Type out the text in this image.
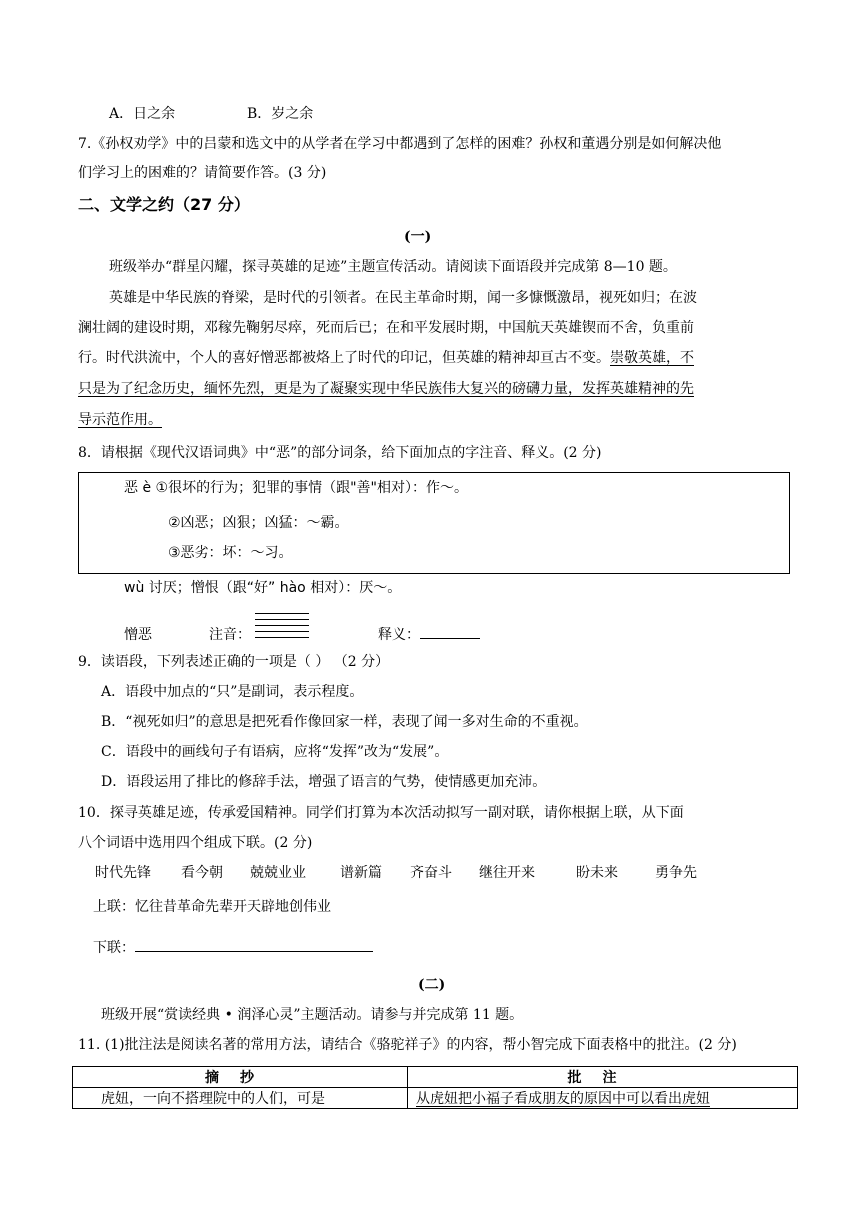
A．日之余	B．岁之余
7.《孙权劝学》中的吕蒙和选文中的从学者在学习中都遇到了怎样的困难？孙权和董遇分别是如何解决他
们学习上的困难的？请简要作答。(3 分)
二、文学之约（27 分）
(一)
班级举办“群星闪耀，探寻英雄的足迹”主题宣传活动。请阅读下面语段并完成第 8—10 题。
英雄是中华民族的脊梁，是时代的引领者。在民主革命时期，闻一多慷慨激昂，视死如归；在波
澜壮阔的建设时期，邓稼先鞠躬尽瘁，死而后已；在和平发展时期，中国航天英雄锲而不舍，负重前
行。时代洪流中，个人的喜好憎恶都被烙上了时代的印记，但英雄的精神却亘古不变。崇敬英雄，不
只是为了纪念历史，缅怀先烈，更是为了凝聚实现中华民族伟大复兴的磅礴力量，发挥英雄精神的先
导示范作用。
8．请根据《现代汉语词典》中“恶”的部分词条，给下面加点的字注音、释义。(2 分)
恶 è ①很坏的行为；犯罪的事情（跟"善"相对）：作～。
②凶恶；凶狠；凶猛：～霸。
③恶劣：坏：～习。
wù 讨厌；憎恨（跟“好” hào 相对）：厌～。
憎恶	注音：	释义：
9．读语段，下列表述正确的一项是（ ） （2 分）
A．语段中加点的“只”是副词，表示程度。
B．“视死如归”的意思是把死看作像回家一样，表现了闻一多对生命的不重视。
C．语段中的画线句子有语病，应将“发挥”改为“发展”。
D．语段运用了排比的修辞手法，增强了语言的气势，使情感更加充沛。
10．探寻英雄足迹，传承爱国精神。同学们打算为本次活动拟写一副对联，请你根据上联，从下面
八个词语中选用四个组成下联。(2 分)
时代先锋 看今朝 兢兢业业 谱新篇 齐奋斗 继往开来	盼未来	勇争先
上联：忆往昔革命先辈开天辟地创伟业
下联：
(二)
班级开展“赏读经典 • 润泽心灵”主题活动。请参与并完成第 11 题。
11. (1)批注法是阅读名著的常用方法，请结合《骆驼祥子》的内容，帮小智完成下面表格中的批注。(2 分)
摘抄	批注
虎妞，一向不搭理院中的人们，可是	从虎妞把小福子看成朋友的原因中可以看出虎妞
